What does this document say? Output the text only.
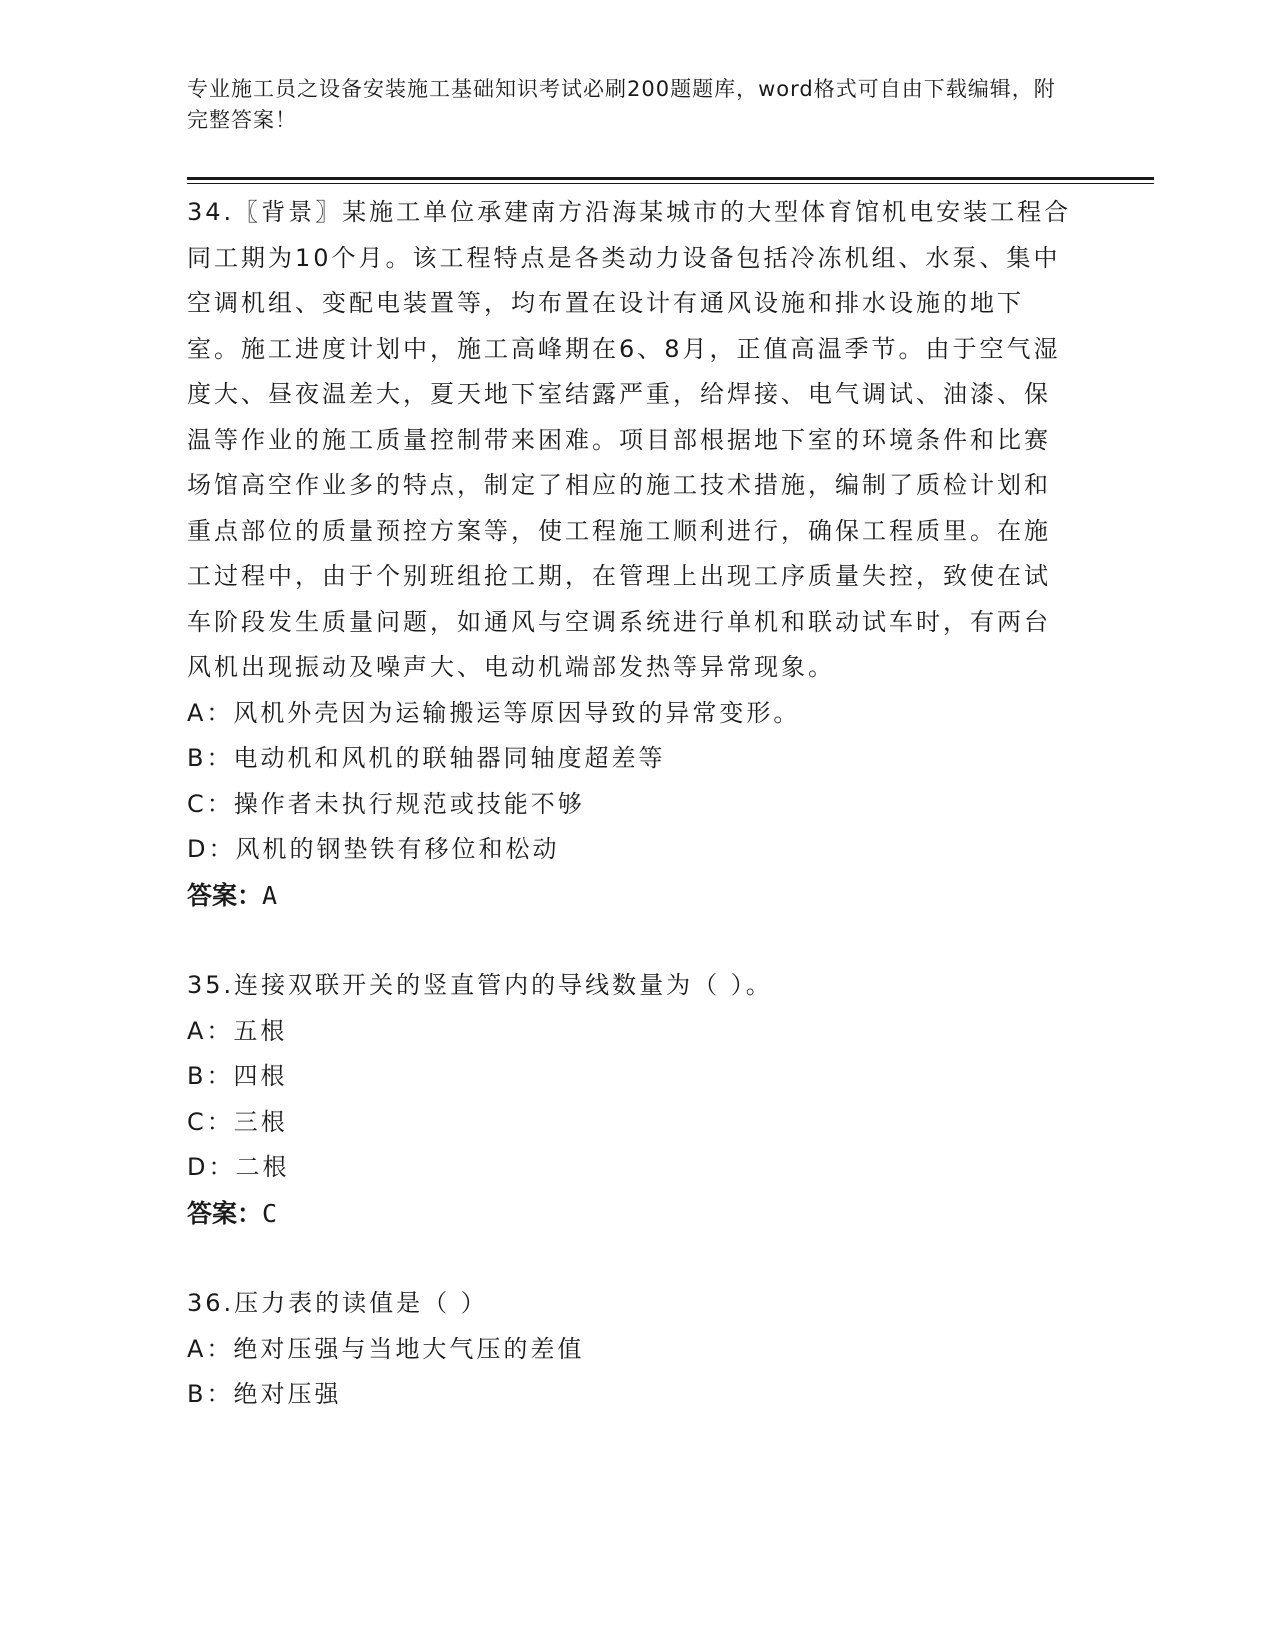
专业施工员之设备安装施工基础知识考试必刷200题题库，word格式可自由下载编辑，附完整答案！

34.〖背景〗某施工单位承建南方沿海某城市的大型体育馆机电安装工程合同工期为10个月。该工程特点是各类动力设备包括冷冻机组、水泵、集中空调机组、变配电装置等，均布置在设计有通风设施和排水设施的地下室。施工进度计划中，施工高峰期在6、8月，正值高温季节。由于空气湿度大、昼夜温差大，夏天地下室结露严重，给焊接、电气调试、油漆、保温等作业的施工质量控制带来困难。项目部根据地下室的环境条件和比赛场馆高空作业多的特点，制定了相应的施工技术措施，编制了质检计划和重点部位的质量预控方案等，使工程施工顺利进行，确保工程质里。在施工过程中，由于个别班组抢工期，在管理上出现工序质量失控，致使在试车阶段发生质量问题，如通风与空调系统进行单机和联动试车时，有两台风机出现振动及噪声大、电动机端部发热等异常现象。

A：风机外壳因为运输搬运等原因导致的异常变形。

B：电动机和风机的联轴器同轴度超差等

C：操作者未执行规范或技能不够

D：风机的钢垫铁有移位和松动

答案：A

35.连接双联开关的竖直管内的导线数量为（ ）。

A：五根

B：四根

C：三根

D：二根

答案：C

36.压力表的读值是（ ）

A：绝对压强与当地大气压的差值

B：绝对压强
